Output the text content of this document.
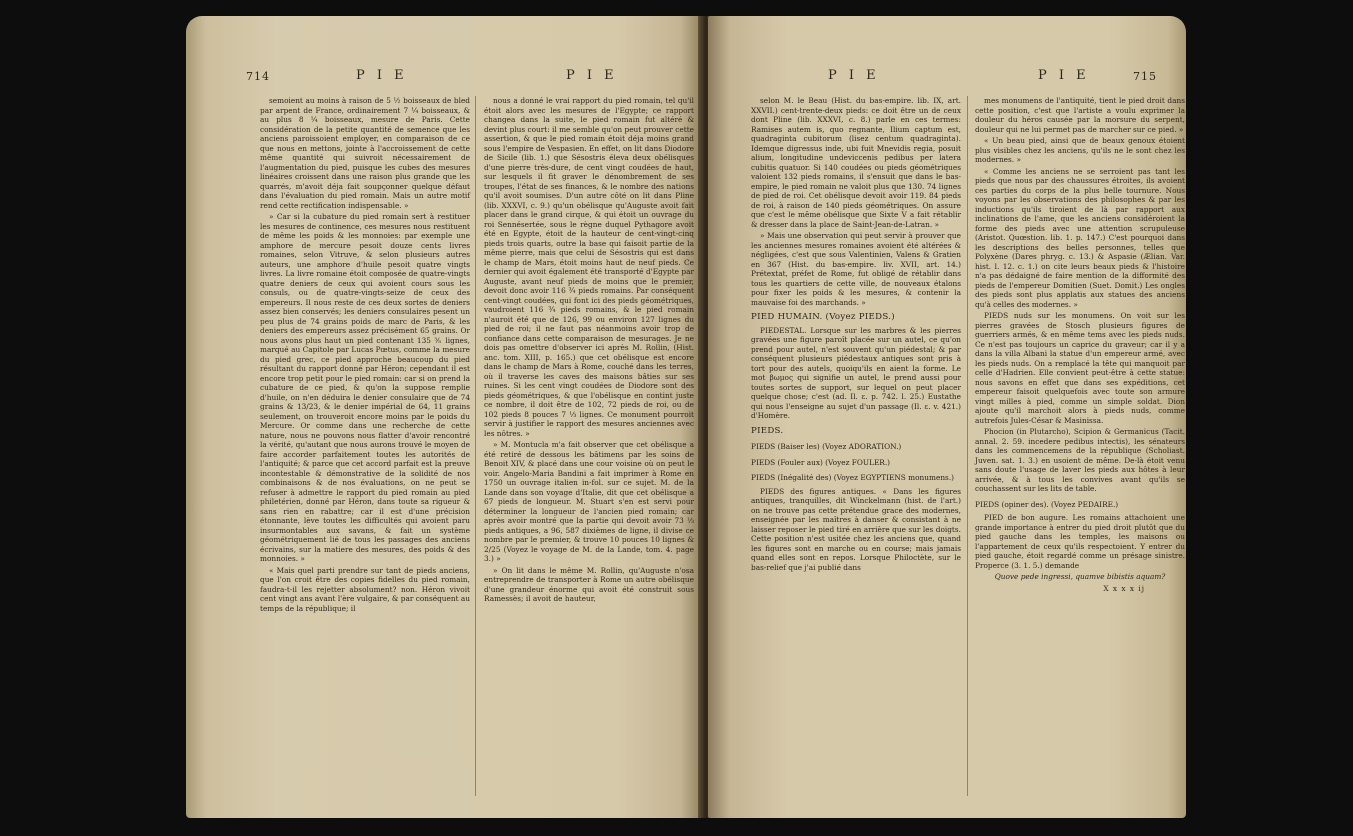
714	P I E	P I E

semoient au moins à raison de 5 ½ boisseaux de bled par arpent de France, ordinairement 7 ¼ boisseaux, & au plus 8 ¼ boisseaux, mesure de Paris. Cette considération de la petite quantité de semence que les anciens paroissoient employer, en comparaison de ce que nous en mettons, jointe à l'accroissement de cette même quantité qui suivroit nécessairement de l'augmentation du pied, puisque les cubes des mesures linéaires croissent dans une raison plus grande que les quarrés, m'avoit déja fait soupçonner quelque défaut dans l'évaluation du pied romain. Mais un autre motif rend cette rectification indispensable. »

» Car si la cubature du pied romain sert à restituer les mesures de continence, ces mesures nous restituent de même les poids & les monnoies: par exemple une amphore de mercure pesoit douze cents livres romaines, selon Vitruve, & selon plusieurs autres auteurs, une amphore d'huile pesoit quatre vingts livres. La livre romaine étoit composée de quatre-vingts quatre deniers de ceux qui avoient cours sous les consuls, ou de quatre-vingts-seize de ceux des empereurs. Il nous reste de ces deux sortes de deniers assez bien conservés; les deniers consulaires pesent un peu plus de 74 grains poids de marc de Paris, & les deniers des empereurs assez précisément 65 grains. Or nous avons plus haut un pied contenant 135 ⅗ lignes, marqué au Capitole par Lucas Pœtus, comme la mesure du pied grec, ce pied approche beaucoup du pied résultant du rapport donné par Héron; cependant il est encore trop petit pour le pied romain: car si on prend la cubature de ce pied, & qu'on la suppose remplie d'huile, on n'en déduira le denier consulaire que de 74 grains & 13/23, & le denier impérial de 64, 11 grains seulement, on trouveroit encore moins par le poids du Mercure. Or comme dans une recherche de cette nature, nous ne pouvons nous flatter d'avoir rencontré la vérité, qu'autant que nous aurons trouvé le moyen de faire accorder parfaitement toutes les autorités de l'antiquité; & parce que cet accord parfait est la preuve incontestable & démonstrative de la solidité de nos combinaisons & de nos évaluations, on ne peut se refuser à admettre le rapport du pied romain au pied philetérien, donné par Héron, dans toute sa rigueur & sans rien en rabattre; car il est d'une précision étonnante, lève toutes les difficultés qui avoient paru insurmontables aux savans, & fait un système géométriquement lié de tous les passages des anciens écrivains, sur la matiere des mesures, des poids & des monnoies. »

« Mais quel parti prendre sur tant de pieds anciens, que l'on croit être des copies fidelles du pied romain, faudra-t-il les rejetter absolument? non. Héron vivoit cent vingt ans avant l'ère vulgaire, & par conséquent au temps de la république; il

nous a donné le vrai rapport du pied romain, tel qu'il étoit alors avec les mesures de l'Egypte; ce rapport changea dans la suite, le pied romain fut altéré & devint plus court: il me semble qu'on peut prouver cette assertion, & que le pied romain étoit déja moins grand sous l'empire de Vespasien. En effet, on lit dans Diodore de Sicile (lib. 1.) que Sésostris éleva deux obélisques d'une pierre très-dure, de cent vingt coudées de haut, sur lesquels il fit graver le dénombrement de ses troupes, l'état de ses finances, & le nombre des nations qu'il avoit soumises. D'un autre côté on lit dans Pline (lib. XXXVI, c. 9.) qu'un obélisque qu'Auguste avoit fait placer dans le grand cirque, & qui étoit un ouvrage du roi Sennésertée, sous le règne duquel Pythagore avoit été en Egypte, étoit de la hauteur de cent-vingt-cinq pieds trois quarts, outre la base qui faisoit partie de la même pierre, mais que celui de Sésostris qui est dans le champ de Mars, étoit moins haut de neuf pieds. Ce dernier qui avoit également été transporté d'Egypte par Auguste, avant neuf pieds de moins que le premier, devoit donc avoir 116 ¾ pieds romains. Par conséquent cent-vingt coudées, qui font ici des pieds géométriques, vaudroient 116 ¾ pieds romains, & le pied romain n'auroit été que de 126, 99 ou environ 127 lignes du pied de roi; il ne faut pas néanmoins avoir trop de confiance dans cette comparaison de mesurages. Je ne dois pas omettre d'observer ici après M. Rollin, (Hist. anc. tom. XIII, p. 165.) que cet obélisque est encore dans le champ de Mars à Rome, couché dans les terres, où il traverse les caves des maisons bâties sur ses ruines. Si les cent vingt coudées de Diodore sont des pieds géométriques, & que l'obélisque en contint juste ce nombre, il doit être de 102, 72 pieds de roi, ou de 102 pieds 8 pouces 7 ⅓ lignes. Ce monument pourroit servir à justifier le rapport des mesures anciennes avec les nôtres. »

» M. Montucla m'a fait observer que cet obélisque a été retiré de dessous les bâtimens par les soins de Benoit XIV, & placé dans une cour voisine où on peut le voir. Angelo-Maria Bandini a fait imprimer à Rome en 1750 un ouvrage italien in-fol. sur ce sujet. M. de la Lande dans son voyage d'Italie, dit que cet obélisque a 67 pieds de longueur. M. Stuart s'en est servi pour déterminer la longueur de l'ancien pied romain; car après avoir montré que la partie qui devoit avoir 73 ⅓ pieds antiques, a 96, 587 dixièmes de ligne, il divise ce nombre par le premier, & trouve 10 pouces 10 lignes & 2/25 (Voyez le voyage de M. de la Lande, tom. 4. page 3.) »

» On lit dans le même M. Rollin, qu'Auguste n'osa entreprendre de transporter à Rome un autre obélisque d'une grandeur énorme qui avoit été construit sous Ramessès; il avoit de hauteur,

P I E	P I E	715

selon M. le Beau (Hist. du bas-empire. lib. IX, art. XXVII.) cent-trente-deux pieds: ce doit être un de ceux dont Pline (lib. XXXVI, c. 8.) parle en ces termes: Ramises autem is, quo regnante, Ilium captum est, quadraginta cubitorum (lisez centum quadraginta). Idemque digressus inde, ubi fuit Mnevidis regia, posuit alium, longitudine undeviccenis pedibus per latera cubitis quatuor. Si 140 coudées ou pieds géométriques valoient 132 pieds romains, il s'ensuit que dans le bas-empire, le pied romain ne valoit plus que 130. 74 lignes de pied de roi. Cet obélisque devoit avoir 119. 84 pieds de roi, à raison de 140 pieds géométriques. On assure que c'est le même obélisque que Sixte V a fait rétablir & dresser dans la place de Saint-Jean-de-Latran. »

» Mais une observation qui peut servir à prouver que les anciennes mesures romaines avoient été altérées & négligées, c'est que sous Valentinien, Valens & Gratien en 367 (Hist. du bas-empire. liv. XVII, art. 14.) Prétextat, préfet de Rome, fut obligé de rétablir dans tous les quartiers de cette ville, de nouveaux étalons pour fixer les poids & les mesures, & contenir la mauvaise foi des marchands. »

PIED HUMAIN. (Voyez PIEDS.)

PIEDESTAL. Lorsque sur les marbres & les pierres gravées une figure paroît placée sur un autel, ce qu'on prend pour autel, n'est souvent qu'un piédestal; & par conséquent plusieurs piédestaux antiques sont pris à tort pour des autels, quoiqu'ils en aient la forme. Le mot βωμος qui signifie un autel, le prend aussi pour toutes sortes de support, sur lequel on peut placer quelque chose; c'est (ad. Il. ε. p. 742. l. 25.) Eustathe qui nous l'enseigne au sujet d'un passage (Il. ε. v. 421.) d'Homère.

PIEDS.

PIEDS (Baiser les) (Voyez ADORATION.)

PIEDS (Fouler aux) (Voyez FOULER.)

PIEDS (Inégalité des) (Voyez EGYPTIENS monumens.)

PIEDS des figures antiques. « Dans les figures antiques, tranquilles, dit Winckelmann (hist. de l'art.) on ne trouve pas cette prétendue grace des modernes, enseignée par les maîtres à danser & consistant à ne laisser reposer le pied tiré en arrière que sur les doigts. Cette position n'est usitée chez les anciens que, quand les figures sont en marche ou en course; mais jamais quand elles sont en repos. Lorsque Philoctète, sur le bas-relief que j'ai publié dans

mes monumens de l'antiquité, tient le pied droit dans cette position, c'est que l'artiste a voulu exprimer la douleur du héros causée par la morsure du serpent, douleur qui ne lui permet pas de marcher sur ce pied. »

« Un beau pied, ainsi que de beaux genoux étoient plus visibles chez les anciens, qu'ils ne le sont chez les modernes. »

« Comme les anciens ne se serroient pas tant les pieds que nous par des chaussures étroites, ils avoient ces parties du corps de la plus belle tournure. Nous voyons par les observations des philosophes & par les inductions qu'ils tiroient de là par rapport aux inclinations de l'ame, que les anciens considéroient la forme des pieds avec une attention scrupuleuse (Aristot. Quœstion. lib. 1. p. 147.) C'est pourquoi dans les descriptions des belles personnes, telles que Polyxène (Dares phryg. c. 13.) & Aspasie (Ælian. Var. hist. l. 12. c. 1.) on cite leurs beaux pieds & l'histoire n'a pas dédaigné de faire mention de la difformité des pieds de l'empereur Domitien (Suet. Domit.) Les ongles des pieds sont plus applatis aux statues des anciens qu'à celles des modernes. »

PIEDS nuds sur les monumens. On voit sur les pierres gravées de Stosch plusieurs figures de guerriers armés, & en même tems avec les pieds nuds. Ce n'est pas toujours un caprice du graveur; car il y a dans la villa Albani la statue d'un empereur armé, avec les pieds nuds. On a remplacé la tête qui manquoit par celle d'Hadrien. Elle convient peut-être à cette statue: nous savons en effet que dans ses expéditions, cet empereur faisoit quelquefois avec toute son armure vingt milles à pied, comme un simple soldat. Dion ajoute qu'il marchoit alors à pieds nuds, comme autrefois Jules-César & Masinissa.

Phocion (in Plutarcho), Scipion & Germanicus (Tacit. annal. 2. 59. incedere pedibus intectis), les sénateurs dans les commencemens de la république (Scholiast. Juven. sat. 1. 3.) en usoient de même. De-là étoit venu sans doute l'usage de laver les pieds aux hôtes à leur arrivée, & à tous les convives avant qu'ils se couchassent sur les lits de table.

PIEDS (opiner des). (Voyez PEDAIRE.)

PIED de bon augure. Les romains attachoient une grande importance à entrer du pied droit plutôt que du pied gauche dans les temples, les maisons ou l'appartement de ceux qu'ils respectoient. Y entrer du pied gauche, étoit regardé comme un présage sinistre. Properce (3. 1. 5.) demande

Quove pede ingressi, quamve bibistis aquam?

X x x x ij
